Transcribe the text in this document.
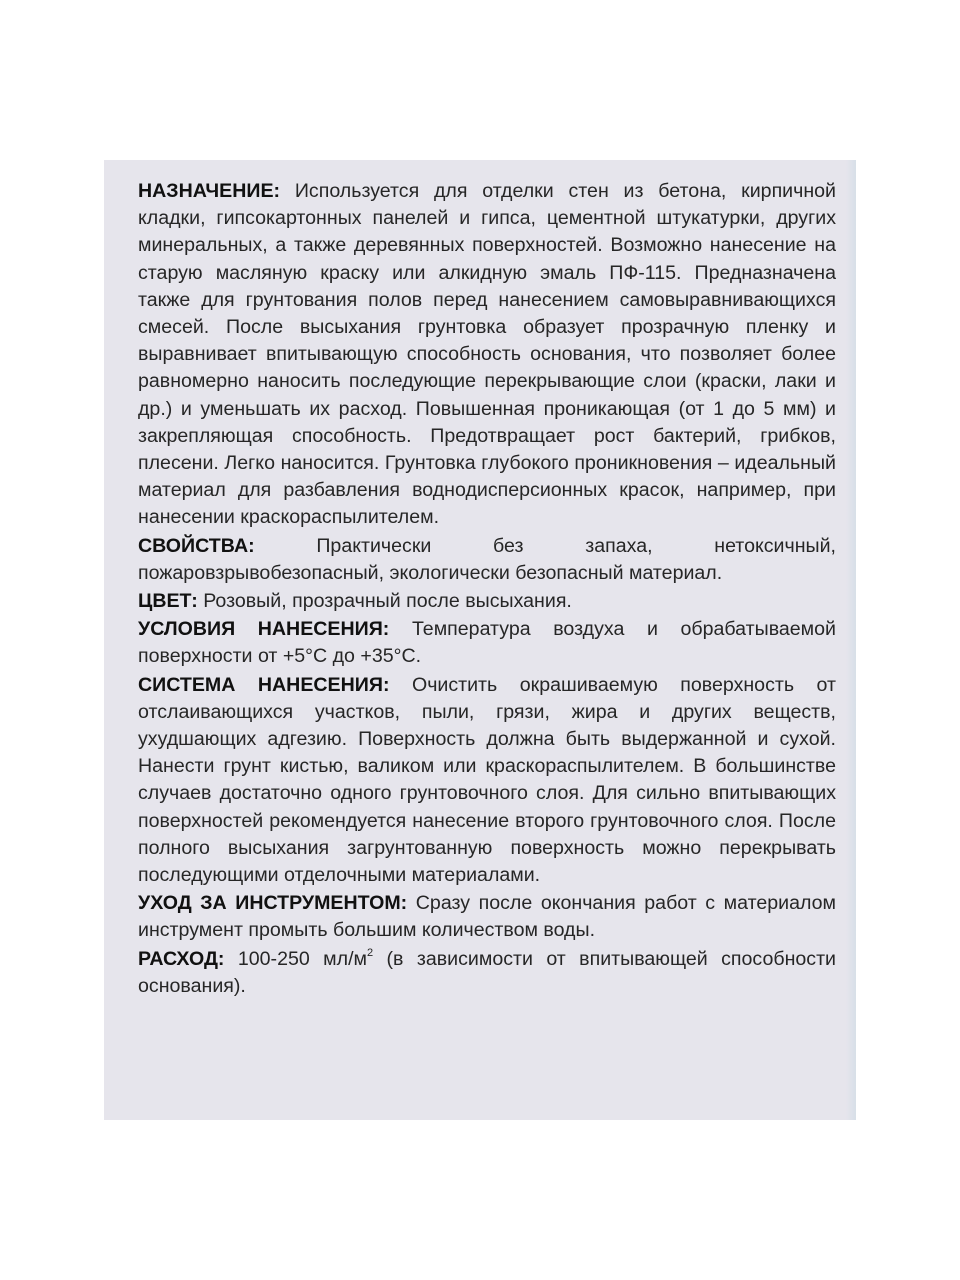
НАЗНАЧЕНИЕ: Используется для отделки стен из бетона, кирпичной кладки, гипсокартонных панелей и гипса, цементной штукатурки, других минеральных, а также деревянных поверхностей. Возможно нанесение на старую масляную краску или алкидную эмаль ПФ-115. Предназначена также для грунтования полов перед нанесением самовыравнивающихся смесей. После высыхания грунтовка образует прозрачную пленку и выравнивает впитывающую способность основания, что позволяет более равномерно наносить последующие перекрывающие слои (краски, лаки и др.) и уменьшать их расход. Повышенная проникающая (от 1 до 5 мм) и закрепляющая способность. Предотвращает рост бактерий, грибков, плесени. Легко наносится. Грунтовка глубокого проникновения – идеальный материал для разбавления воднодисперсионных красок, например, при нанесении краскораспылителем.

СВОЙСТВА: Практически без запаха, нетоксичный, пожаровзрывобезопасный, экологически безопасный материал.

ЦВЕТ: Розовый, прозрачный после высыхания.

УСЛОВИЯ НАНЕСЕНИЯ: Температура воздуха и обрабатываемой поверхности от +5°С до +35°С.

СИСТЕМА НАНЕСЕНИЯ: Очистить окрашиваемую поверхность от отслаивающихся участков, пыли, грязи, жира и других веществ, ухудшающих адгезию. Поверхность должна быть выдержанной и сухой. Нанести грунт кистью, валиком или краскораспылителем. В большинстве случаев достаточно одного грунтовочного слоя. Для сильно впитывающих поверхностей рекомендуется нанесение второго грунтовочного слоя. После полного высыхания загрунтованную поверхность можно перекрывать последующими отделочными материалами.

УХОД ЗА ИНСТРУМЕНТОМ: Сразу после окончания работ с материалом инструмент промыть большим количеством воды.

РАСХОД: 100-250 $мл/м^2$ (в зависимости от впитывающей способности основания).
